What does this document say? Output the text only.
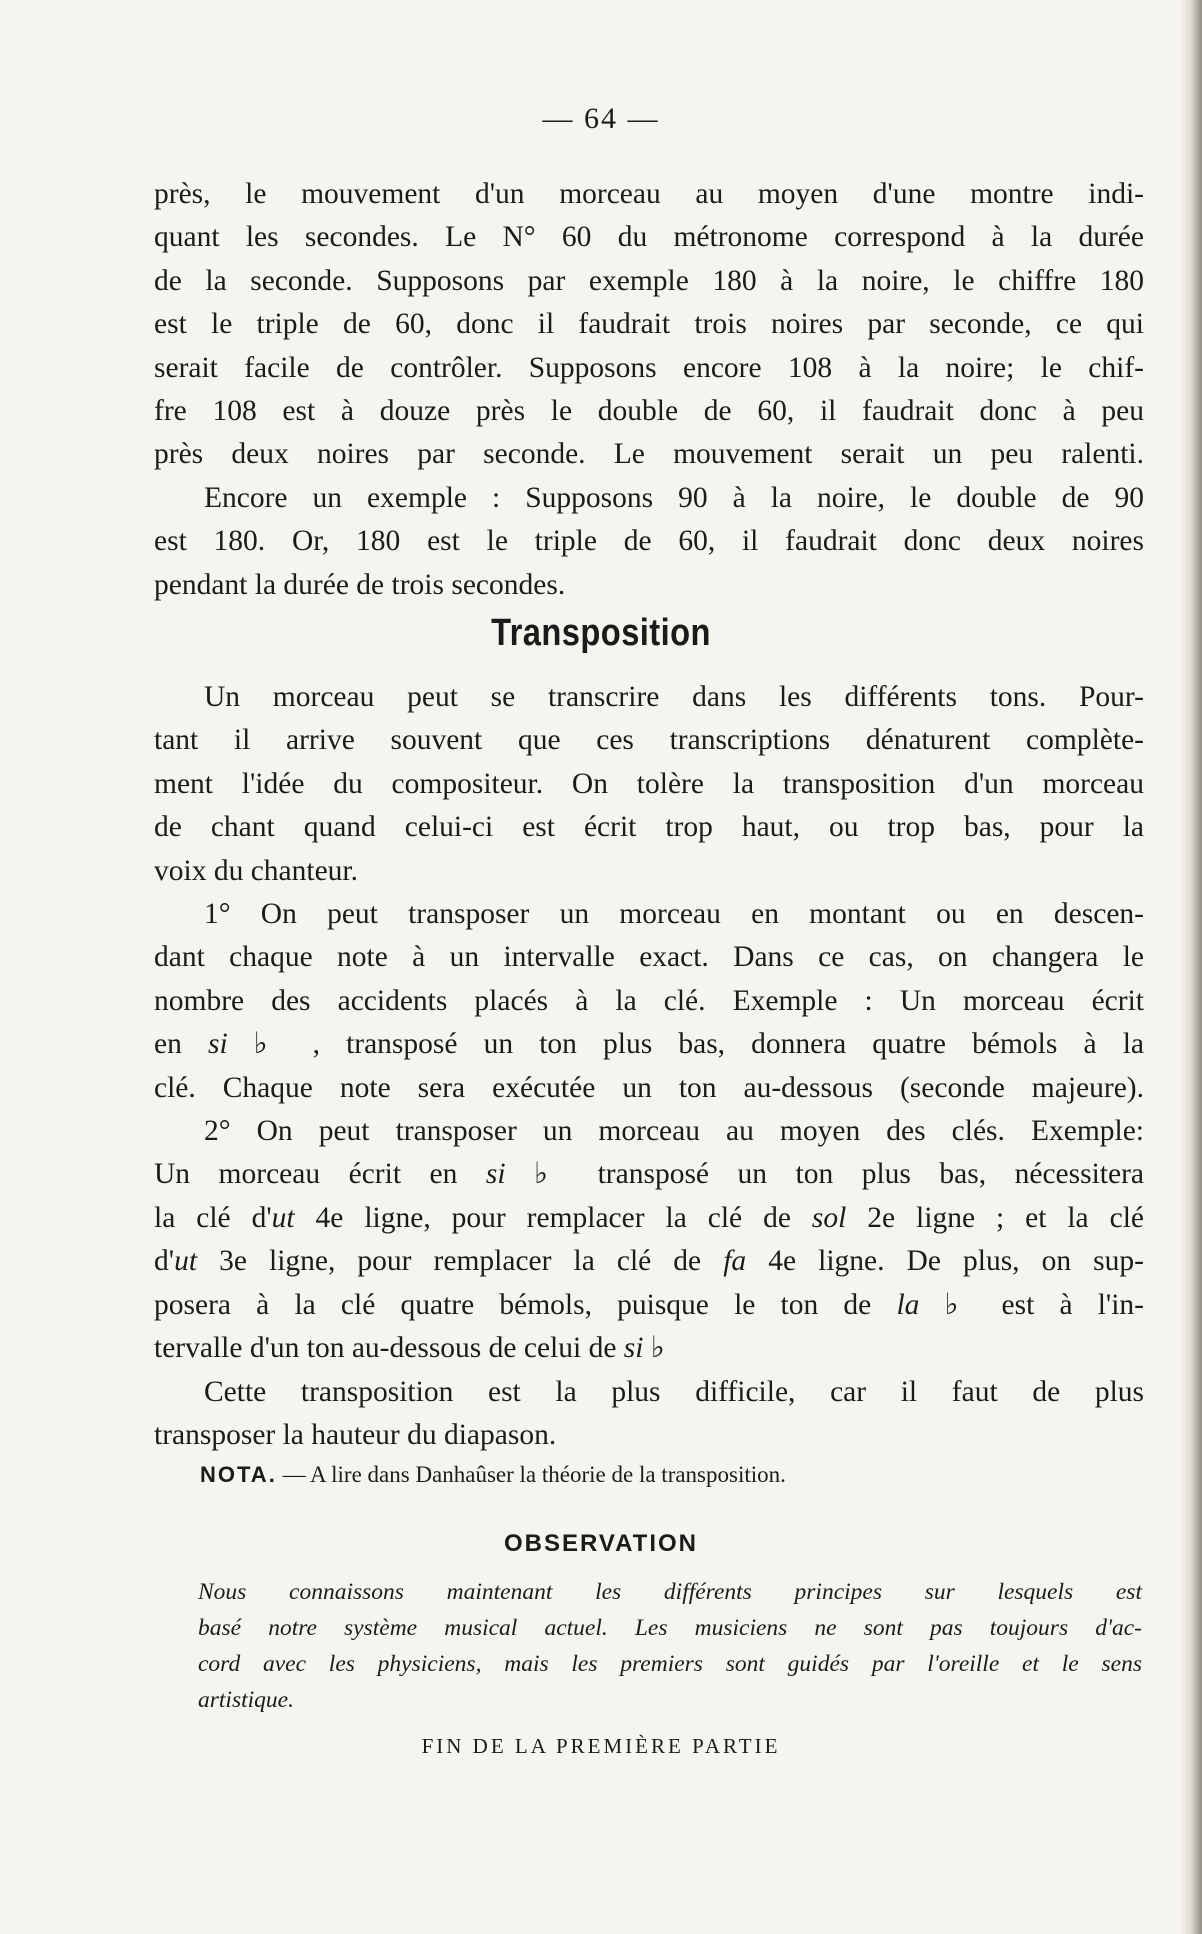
— 64 —
près, le mouvement d'un morceau au moyen d'une montre indi-
quant les secondes. Le N° 60 du métronome correspond à la durée
de la seconde. Supposons par exemple 180 à la noire, le chiffre 180
est le triple de 60, donc il faudrait trois noires par seconde, ce qui
serait facile de contrôler. Supposons encore 108 à la noire; le chif-
fre 108 est à douze près le double de 60, il faudrait donc à peu
près deux noires par seconde. Le mouvement serait un peu ralenti.
Encore un exemple : Supposons 90 à la noire, le double de 90
est 180. Or, 180 est le triple de 60, il faudrait donc deux noires
pendant la durée de trois secondes.
Transposition
Un morceau peut se transcrire dans les différents tons. Pour-
tant il arrive souvent que ces transcriptions dénaturent complète-
ment l'idée du compositeur. On tolère la transposition d'un morceau
de chant quand celui-ci est écrit trop haut, ou trop bas, pour la
voix du chanteur.
1° On peut transposer un morceau en montant ou en descen-
dant chaque note à un intervalle exact. Dans ce cas, on changera le
nombre des accidents placés à la clé. Exemple : Un morceau écrit
en si ♭ , transposé un ton plus bas, donnera quatre bémols à la
clé. Chaque note sera exécutée un ton au-dessous (seconde majeure).
2° On peut transposer un morceau au moyen des clés. Exemple:
Un morceau écrit en si ♭ transposé un ton plus bas, nécessitera
la clé d'ut 4e ligne, pour remplacer la clé de sol 2e ligne ; et la clé
d'ut 3e ligne, pour remplacer la clé de fa 4e ligne. De plus, on sup-
posera à la clé quatre bémols, puisque le ton de la ♭ est à l'in-
tervalle d'un ton au-dessous de celui de si ♭
Cette transposition est la plus difficile, car il faut de plus
transposer la hauteur du diapason.
NOTA. — A lire dans Danhaûser la théorie de la transposition.
OBSERVATION
Nous connaissons maintenant les différents principes sur lesquels est
basé notre système musical actuel. Les musiciens ne sont pas toujours d'ac-
cord avec les physiciens, mais les premiers sont guidés par l'oreille et le sens
artistique.
FIN DE LA PREMIÈRE PARTIE
